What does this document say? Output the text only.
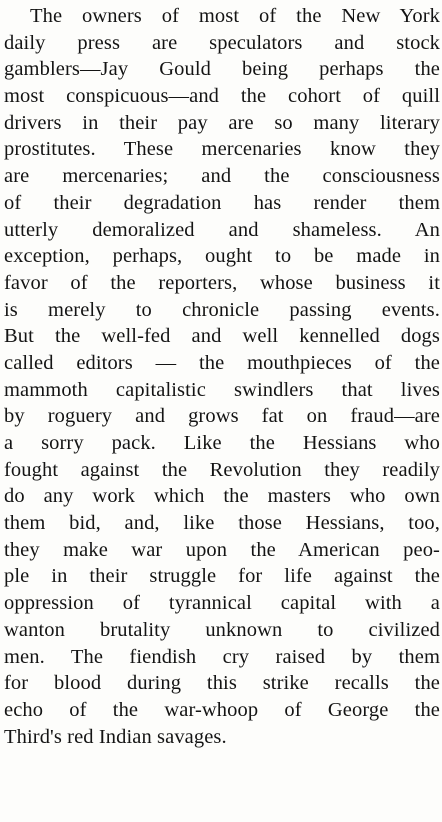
The owners of most of the New York
daily press are speculators and stock
gamblers—Jay Gould being perhaps the
most conspicuous—and the cohort of quill
drivers in their pay are so many literary
prostitutes. These mercenaries know they
are mercenaries; and the consciousness
of their degradation has render them
utterly demoralized and shameless. An
exception, perhaps, ought to be made in
favor of the reporters, whose business it
is merely to chronicle passing events.
But the well-fed and well kennelled dogs
called editors — the mouthpieces of the
mammoth capitalistic swindlers that lives
by roguery and grows fat on fraud—are
a sorry pack. Like the Hessians who
fought against the Revolution they readily
do any work which the masters who own
them bid, and, like those Hessians, too,
they make war upon the American peo-
ple in their struggle for life against the
oppression of tyrannical capital with a
wanton brutality unknown to civilized
men. The fiendish cry raised by them
for blood during this strike recalls the
echo of the war-whoop of George the
Third's red Indian savages.
